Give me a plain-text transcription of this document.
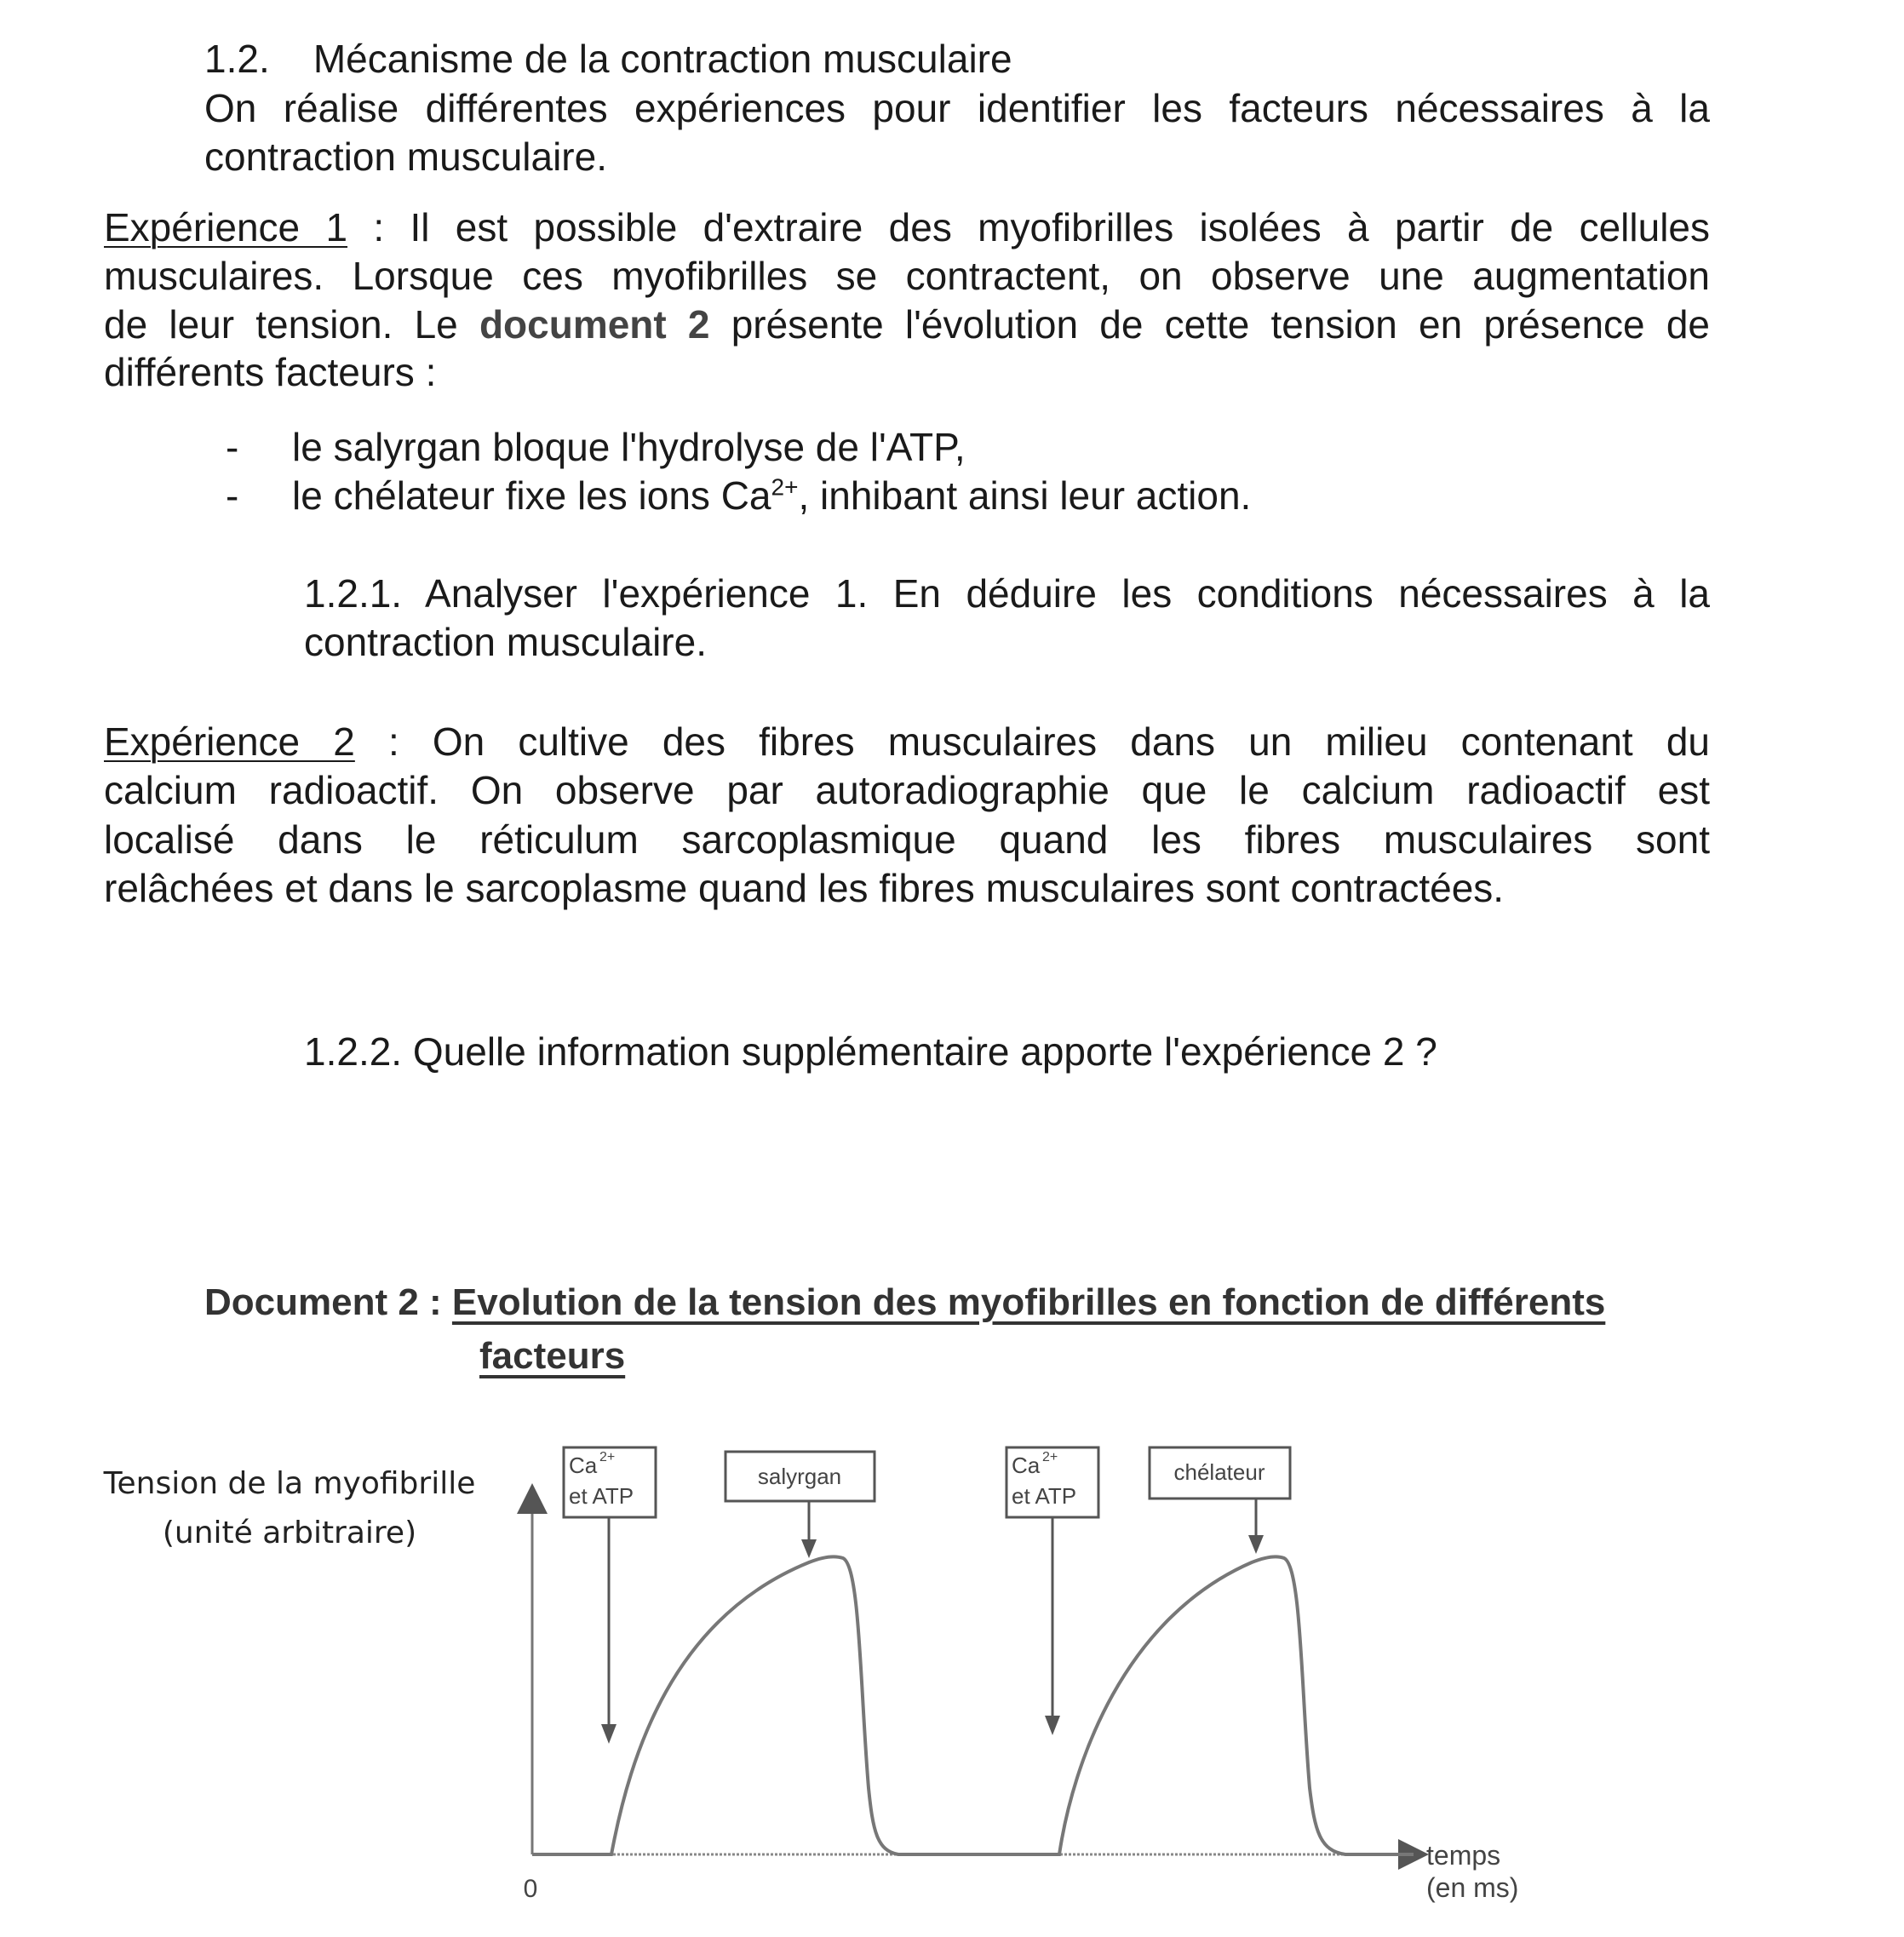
1.2. Mécanisme de la contraction musculaire
On réalise différentes expériences pour identifier les facteurs nécessaires à la
contraction musculaire.
Expérience 1 : Il est possible d'extraire des myofibrilles isolées à partir de cellules
musculaires. Lorsque ces myofibrilles se contractent, on observe une augmentation
de leur tension. Le document 2 présente l'évolution de cette tension en présence de
différents facteurs :
- le salyrgan bloque l'hydrolyse de l'ATP,
- le chélateur fixe les ions $Ca^{2+}$, inhibant ainsi leur action.
1.2.1. Analyser l'expérience 1. En déduire les conditions nécessaires à la
contraction musculaire.
Expérience 2 : On cultive des fibres musculaires dans un milieu contenant du
calcium radioactif. On observe par autoradiographie que le calcium radioactif est
localisé dans le réticulum sarcoplasmique quand les fibres musculaires sont
relâchées et dans le sarcoplasme quand les fibres musculaires sont contractées.
1.2.2. Quelle information supplémentaire apporte l'expérience 2 ?
Document 2 : Evolution de la tension des myofibrilles en fonction de différents
facteurs
Tension de la myofibrille
(unité arbitraire)
0
temps
(en ms)
Ca 2+
et ATP
salyrgan	Ca 2+
et ATP
chélateur
